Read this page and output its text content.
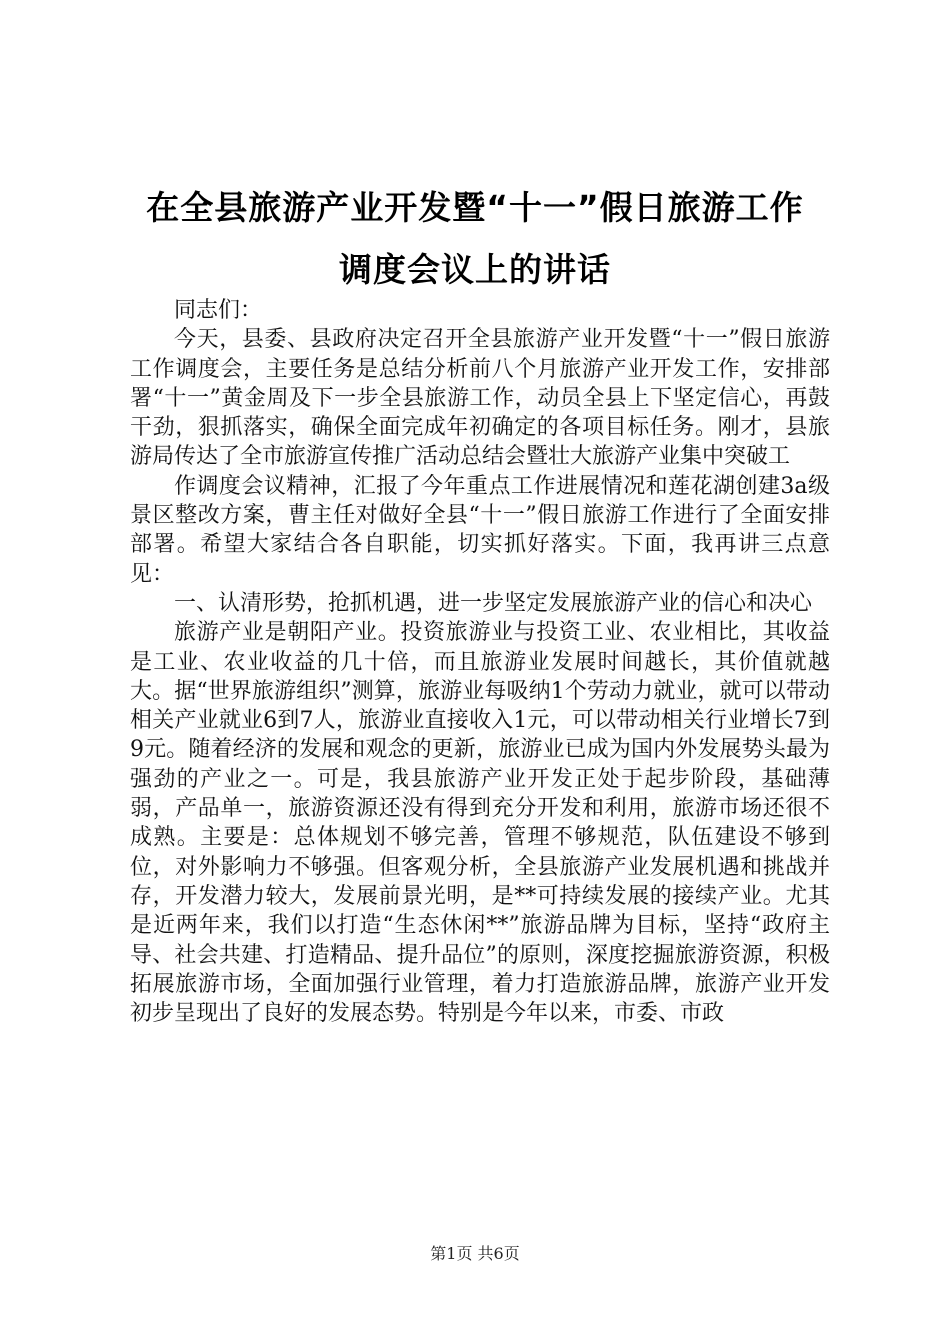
在全县旅游产业开发暨“十一”假日旅游工作
调度会议上的讲话

同志们：

今天，县委、县政府决定召开全县旅游产业开发暨“十一”假日旅游工作调度会，主要任务是总结分析前八个月旅游产业开发工作，安排部署“十一”黄金周及下一步全县旅游工作，动员全县上下坚定信心，再鼓干劲，狠抓落实，确保全面完成年初确定的各项目标任务。刚才，县旅游局传达了全市旅游宣传推广活动总结会暨壮大旅游产业集中突破工

作调度会议精神，汇报了今年重点工作进展情况和莲花湖创建3a级景区整改方案，曹主任对做好全县“十一”假日旅游工作进行了全面安排部署。希望大家结合各自职能，切实抓好落实。下面，我再讲三点意见：

一、认清形势，抢抓机遇，进一步坚定发展旅游产业的信心和决心

旅游产业是朝阳产业。投资旅游业与投资工业、农业相比，其收益是工业、农业收益的几十倍，而且旅游业发展时间越长，其价值就越大。据“世界旅游组织”测算，旅游业每吸纳1个劳动力就业，就可以带动相关产业就业6到7人，旅游业直接收入1元，可以带动相关行业增长7到9元。随着经济的发展和观念的更新，旅游业已成为国内外发展势头最为强劲的产业之一。可是，我县旅游产业开发正处于起步阶段，基础薄弱，产品单一，旅游资源还没有得到充分开发和利用，旅游市场还很不成熟。主要是：总体规划不够完善，管理不够规范，队伍建设不够到位，对外影响力不够强。但客观分析，全县旅游产业发展机遇和挑战并存，开发潜力较大，发展前景光明，是**可持续发展的接续产业。尤其是近两年来，我们以打造“生态休闲**”旅游品牌为目标，坚持“政府主导、社会共建、打造精品、提升品位”的原则，深度挖掘旅游资源，积极拓展旅游市场，全面加强行业管理，着力打造旅游品牌，旅游产业开发初步呈现出了良好的发展态势。特别是今年以来，市委、市政

第1页 共6页
